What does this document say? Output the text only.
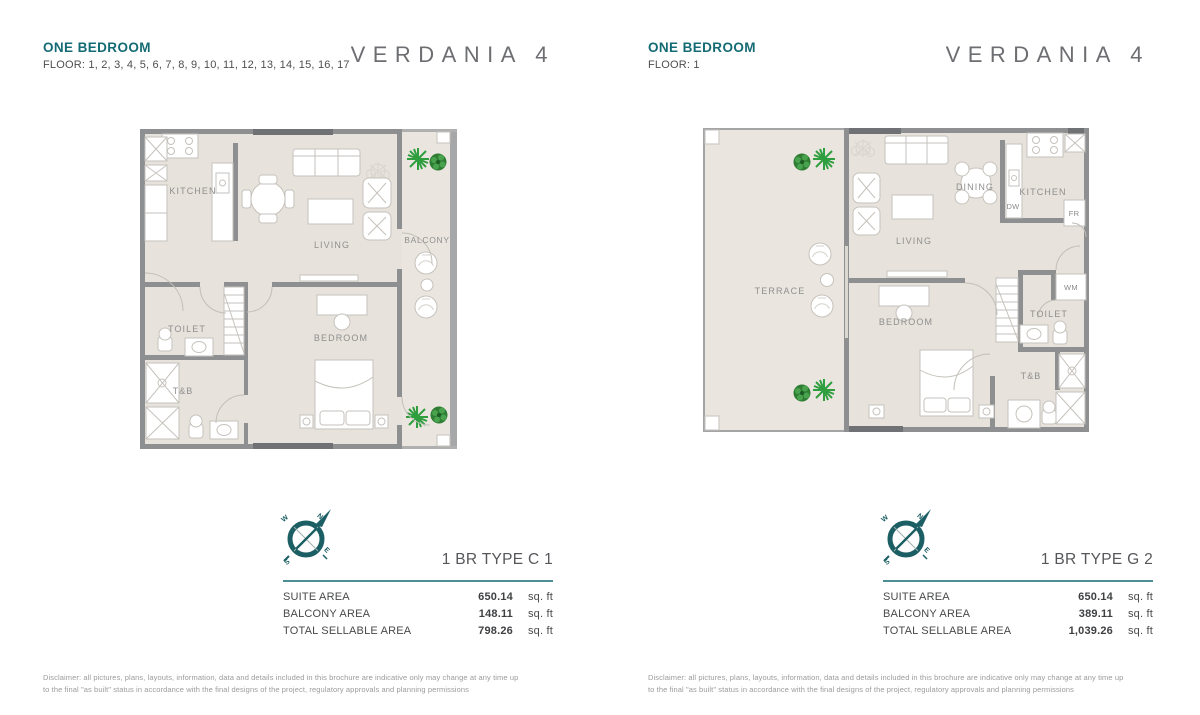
ONE BEDROOM
FLOOR: 1, 2, 3, 4, 5, 6, 7, 8, 9, 10, 11, 12, 13, 14, 15, 16, 17 VERDANIA 4
KITCHEN
LIVING	BALCONY
TOILET
BEDROOM
T&B
W	N
S
E
1 BR TYPE C 1
SUITE AREA	650.14	sq. ft
BALCONY AREA	148.11	sq. ft
TOTAL SELLABLE AREA	798.26	sq. ft
Disclaimer: all pictures, plans, layouts, information, data and details included in this brochure are indicative only may change at any time up to the final "as built" status in accordance with the final designs of the project, regulatory approvals and planning permissions
ONE BEDROOM
FLOOR: 1	VERDANIA 4
TERRACE
LIVING
DINING	KITCHEN
DW
FR
WM
TOILET
BEDROOM
T&B
W	N
S
E
1 BR TYPE G 2
SUITE AREA	650.14	sq. ft
BALCONY AREA	389.11	sq. ft
TOTAL SELLABLE AREA	1,039.26	sq. ft
Disclaimer: all pictures, plans, layouts, information, data and details included in this brochure are indicative only may change at any time up to the final "as built" status in accordance with the final designs of the project, regulatory approvals and planning permissions
